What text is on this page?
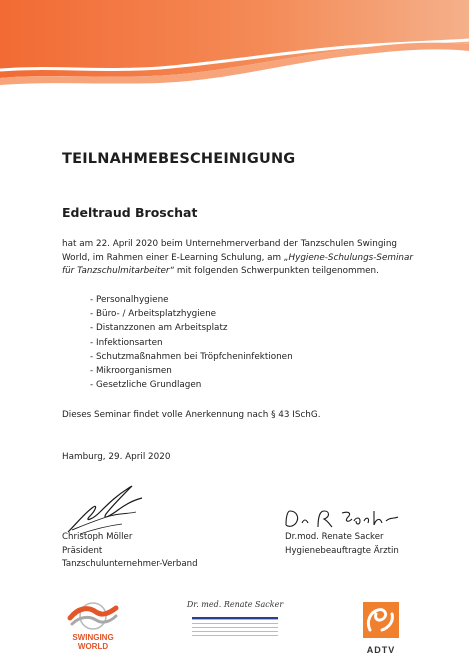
TEILNAHMEBESCHEINIGUNG
Edeltraud Broschat
hat am 22. April 2020 beim Unternehmerverband der Tanzschulen Swinging World, im Rahmen einer E-Learning Schulung, am „Hygiene-Schulungs-Seminar für Tanzschulmitarbeiter“ mit folgenden Schwerpunkten teilgenommen.
- Personalhygiene
- Büro- / Arbeitsplatzhygiene
- Distanzzonen am Arbeitsplatz
- Infektionsarten
- Schutzmaßnahmen bei Tröpfcheninfektionen
- Mikroorganismen
- Gesetzliche Grundlagen
Dieses Seminar findet volle Anerkennung nach § 43 ISchG.
Hamburg, 29. April 2020
Christoph Möller
Präsident
Tanzschulunternehmer-Verband
Dr.mod. Renate Sacker
Hygienebeauftragte Ärztin
SWINGING
WORLD
Dr. med. Renate Sacker
ADTV
